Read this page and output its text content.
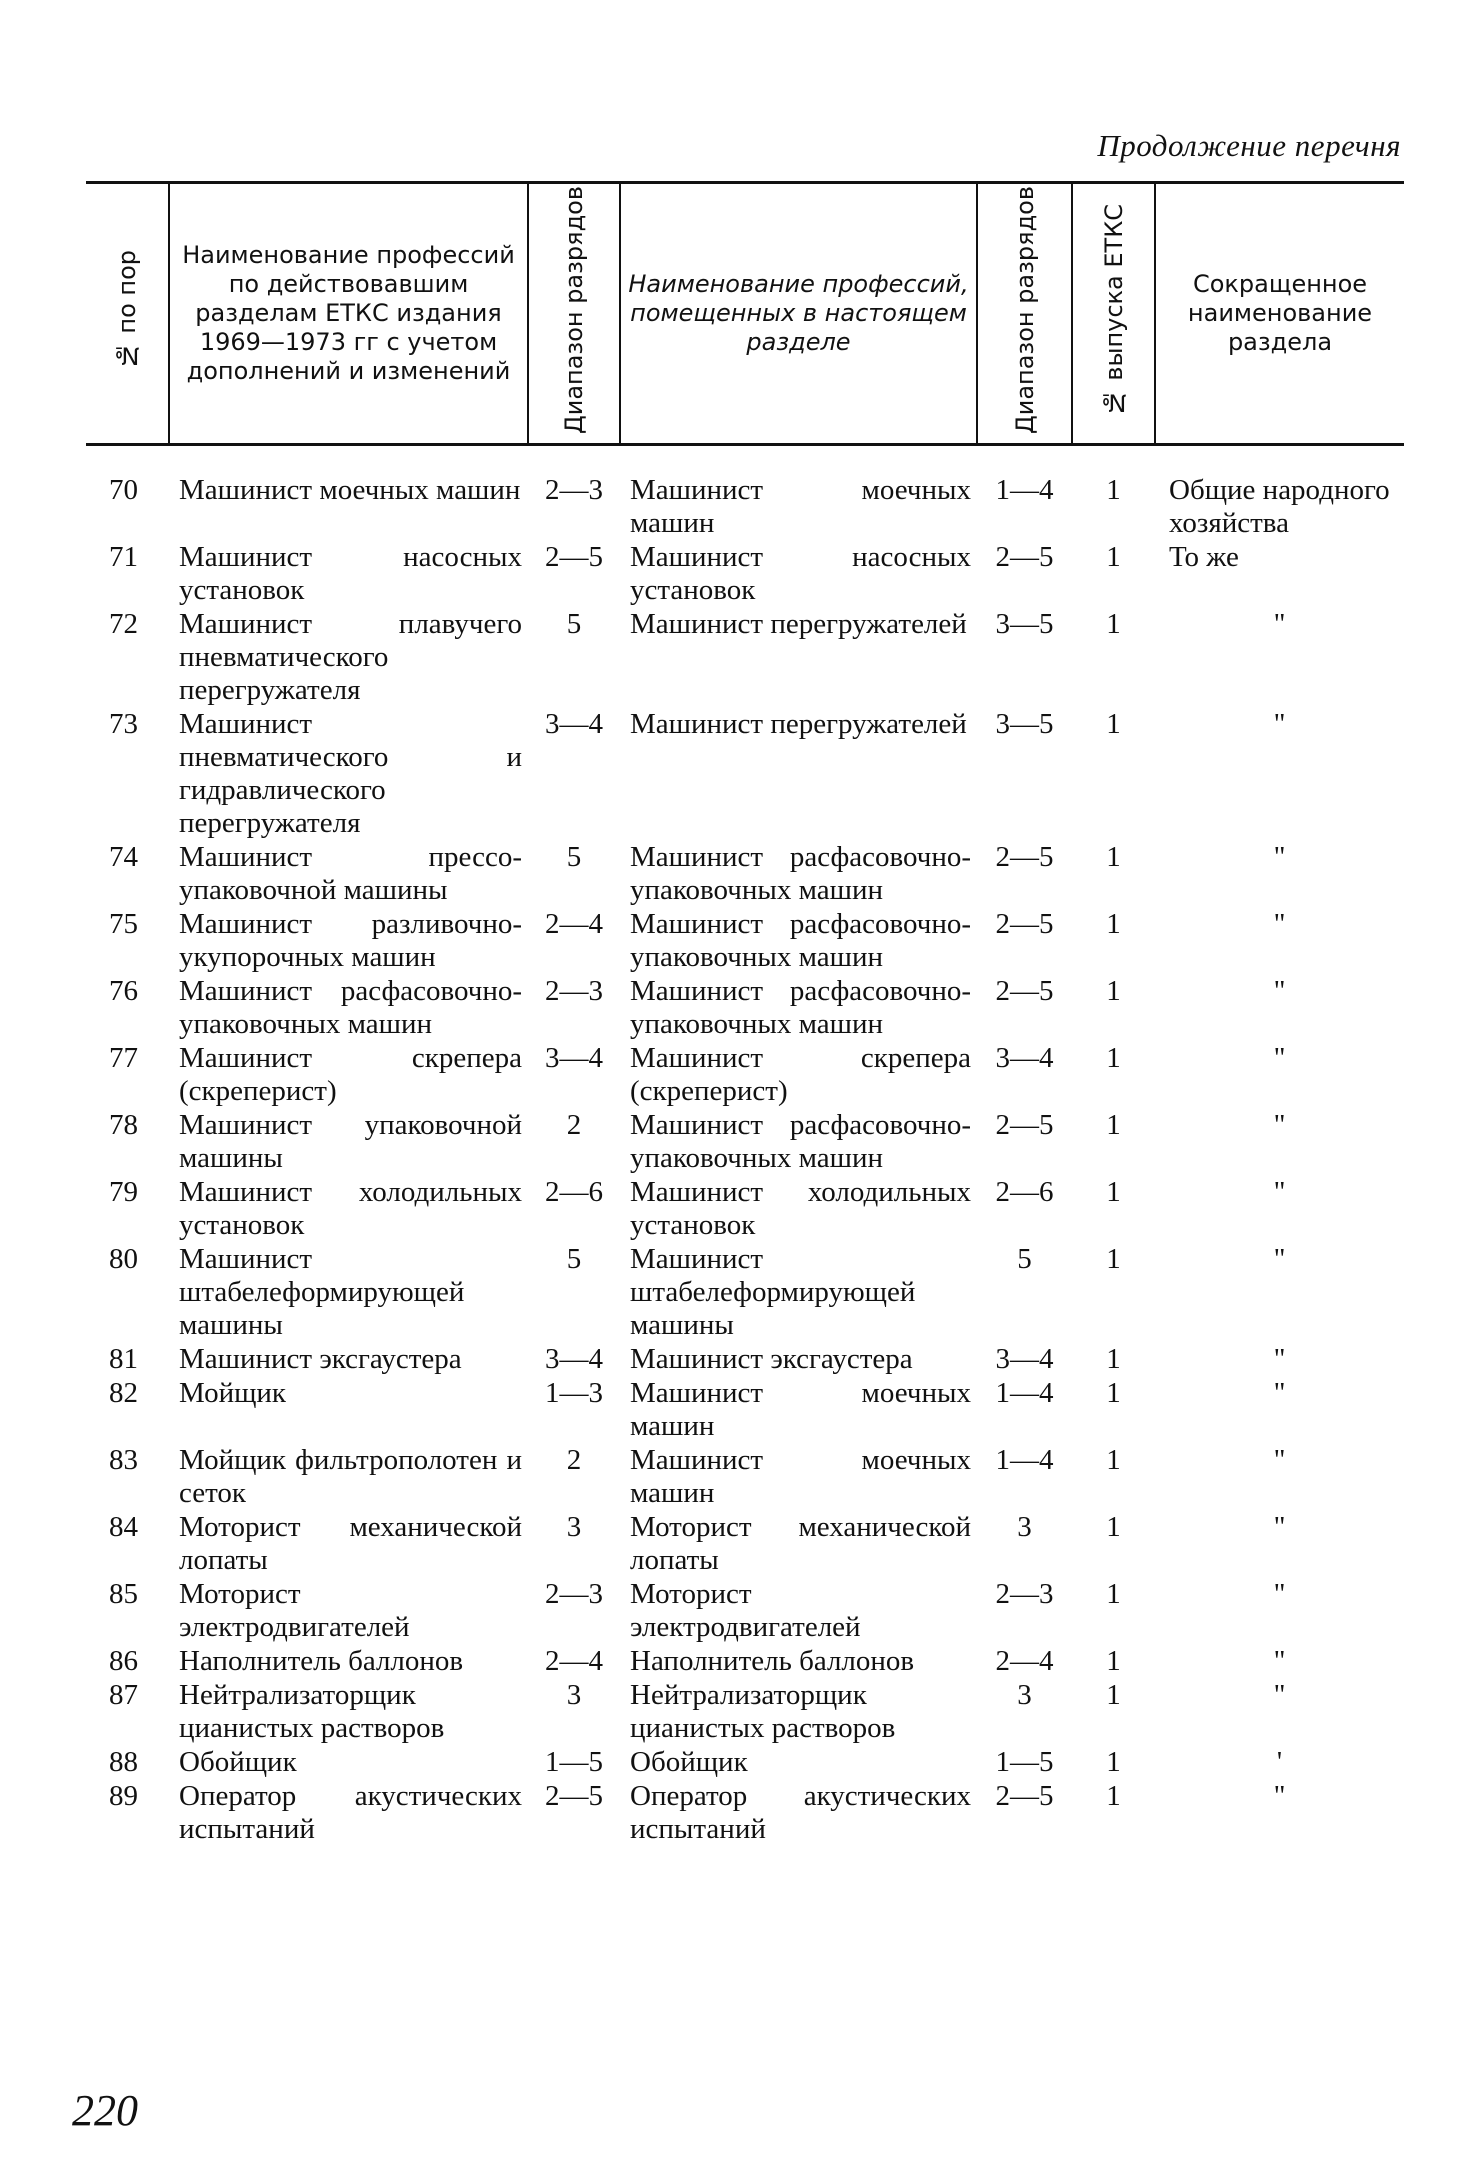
Продолжение перечня
№ по пор	Наименование профессий по действовавшим разделам ЕТКС издания 1969—1973 гг с учетом дополнений и изменений	Диапазон разрядов	Наименование профессий, помещенных в настоящем разделе	Диапазон разрядов	№ выпуска ЕТКС	Сокращенное наименование раздела
70	Машинист моечных машин	2—3	Машинист моечных машин	1—4	1	Общие народного хозяйства
71	Машинист насосных установок	2—5	Машинист насосных установок	2—5	1	То же
72	Машинист плавучего пневматического перегружателя	5	Машинист перегружателей	3—5	1	"
73	Машинист пневматического и гидравлического перегружателя	3—4	Машинист перегружателей	3—5	1	"
74	Машинист прессо-упаковочной машины	5	Машинист расфасовочно-упаковочных машин	2—5	1	"
75	Машинист разливочно-укупорочных машин	2—4	Машинист расфасовочно-упаковочных машин	2—5	1	"
76	Машинист расфасовочно-упаковочных машин	2—3	Машинист расфасовочно-упаковочных машин	2—5	1	"
77	Машинист скрепера (скреперист)	3—4	Машинист скрепера (скреперист)	3—4	1	"
78	Машинист упаковочной машины	2	Машинист расфасовочно-упаковочных машин	2—5	1	"
79	Машинист холодильных установок	2—6	Машинист холодильных установок	2—6	1	"
80	Машинист штабелеформирующей машины	5	Машинист штабелеформирующей машины	5	1	"
81	Машинист эксгаустера	3—4	Машинист эксгаустера	3—4	1	"
82	Мойщик	1—3	Машинист моечных машин	1—4	1	"
83	Мойщик фильтрополотен и сеток	2	Машинист моечных машин	1—4	1	"
84	Моторист механической лопаты	3	Моторист механической лопаты	3	1	"
85	Моторист электродвигателей	2—3	Моторист электродвигателей	2—3	1	"
86	Наполнитель баллонов	2—4	Наполнитель баллонов	2—4	1	"
87	Нейтрализаторщик цианистых растворов	3	Нейтрализаторщик цианистых растворов	3	1	"
88	Обойщик	1—5	Обойщик	1—5	1	'
89	Оператор акустических испытаний	2—5	Оператор акустических испытаний	2—5	1	"
220
